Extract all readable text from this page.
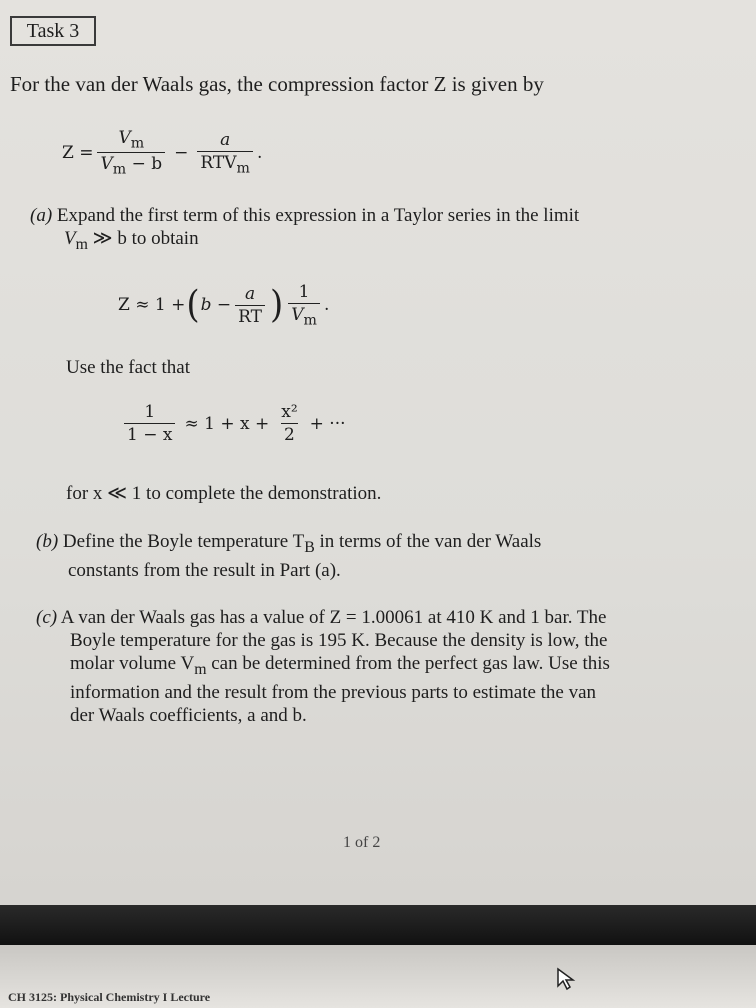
Task 3
For the van der Waals gas, the compression factor Z is given by
$Z = \frac{V_m}{V_m - b} - \frac{a}{RTV_m}$ .
(a) Expand the first term of this expression in a Taylor series in the limit
$V_m$ ≫ b to obtain
Z ≈ 1 + ( $b - \frac{a}{RT}$ ) $\frac{1}{V_m}$ .
Use the fact that
$\frac{1}{1 - x} \approx 1 + x + \frac{\text{x²}}{2}$ + ···
for x ≪ 1 to complete the demonstration.
(b) Define the Boyle temperature $T_B$ in terms of the van der Waals
constants from the result in Part (a).
(c) A van der Waals gas has a value of Z = 1.00061 at 410 K and 1 bar. The
Boyle temperature for the gas is 195 K. Because the density is low, the
molar volume $V_m$ can be determined from the perfect gas law. Use this
information and the result from the previous parts to estimate the van
der Waals coefficients, a and b.
1 of 2
CH 3125: Physical Chemistry I Lecture
